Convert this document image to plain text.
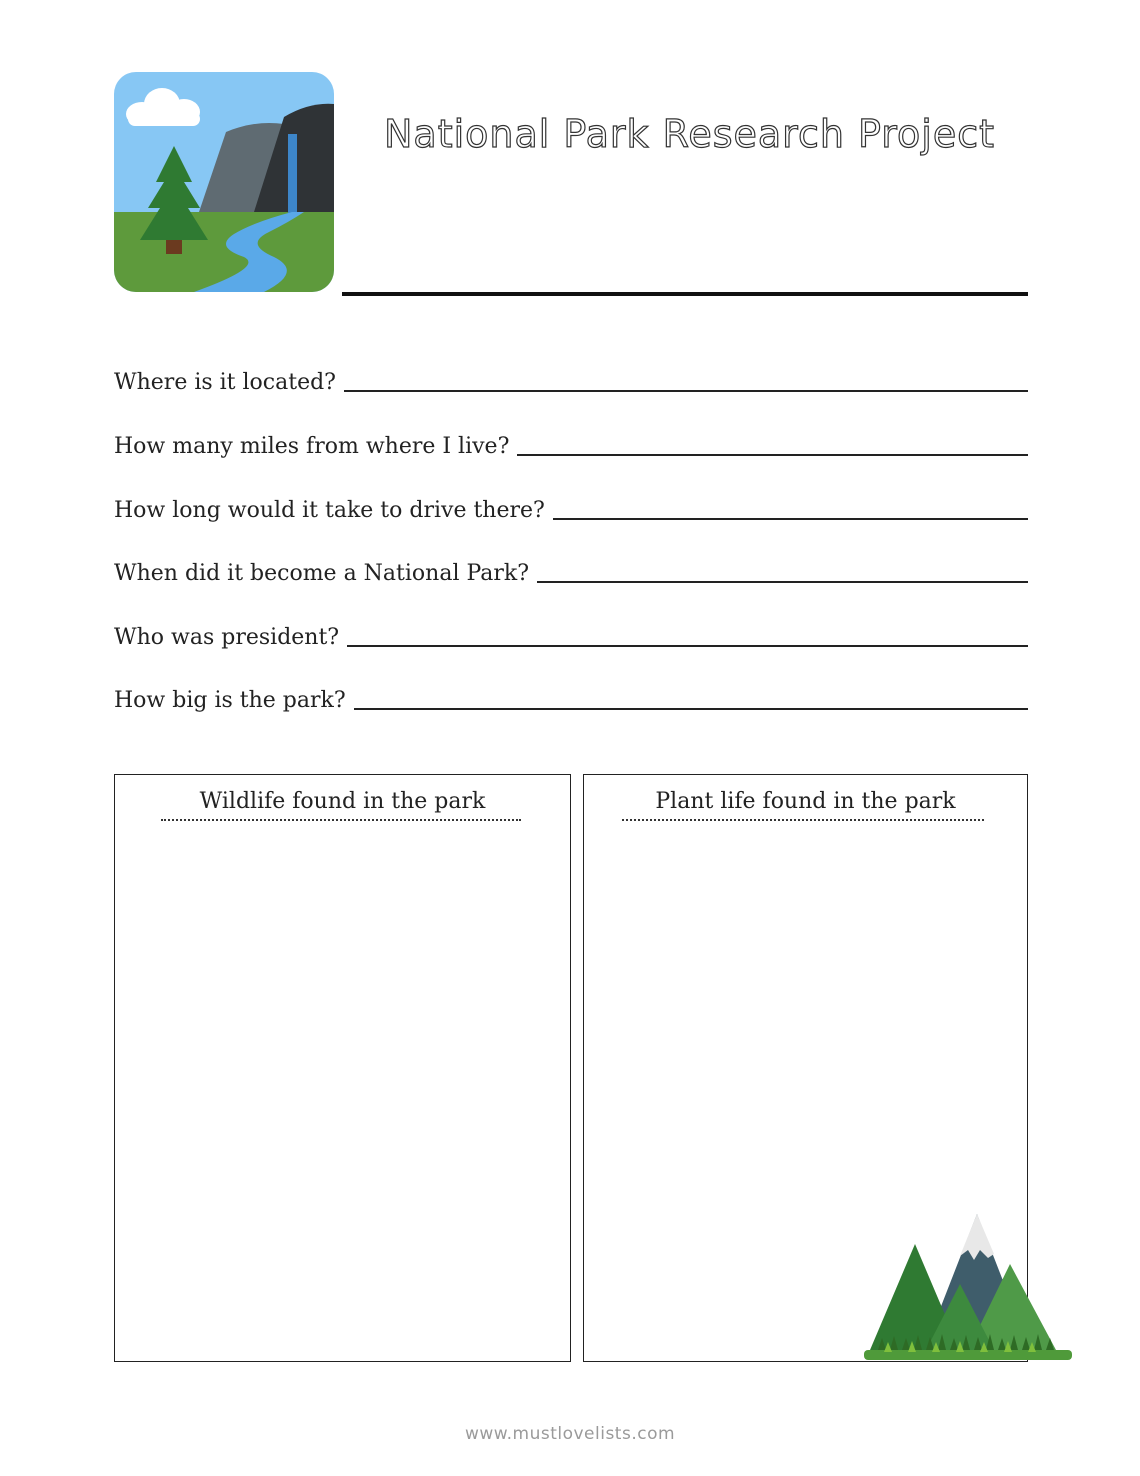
National Park Research Project
Where is it located?
How many miles from where I live?
How long would it take to drive there?
When did it become a National Park?
Who was president?
How big is the park?
Wildlife found in the park	Plant life found in the park
www.mustlovelists.com
